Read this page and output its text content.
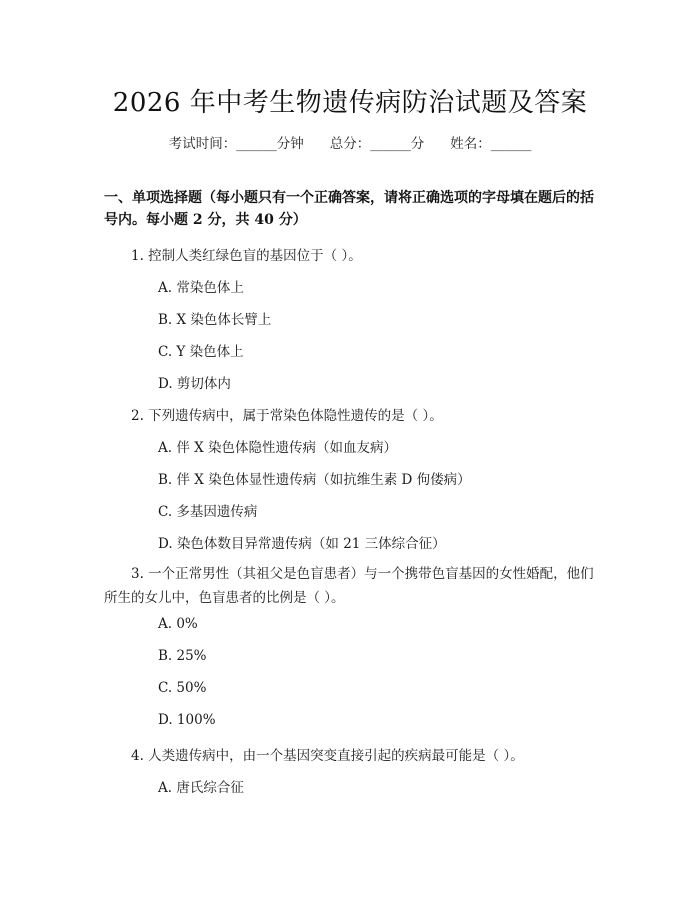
2026 年中考生物遗传病防治试题及答案
考试时间：______分钟 总分：______分 姓名：______
一、单项选择题（每小题只有一个正确答案，请将正确选项的字母填在题后的括号内。每小题 2 分，共 40 分）
1. 控制人类红绿色盲的基因位于（ ）。
A. 常染色体上
B. X 染色体长臂上
C. Y 染色体上
D. 剪切体内
2. 下列遗传病中，属于常染色体隐性遗传的是（ ）。
A. 伴 X 染色体隐性遗传病（如血友病）
B. 伴 X 染色体显性遗传病（如抗维生素 D 佝偻病）
C. 多基因遗传病
D. 染色体数目异常遗传病（如 21 三体综合征）
3. 一个正常男性（其祖父是色盲患者）与一个携带色盲基因的女性婚配，他们所生的女儿中，色盲患者的比例是（ ）。
A. 0%
B. 25%
C. 50%
D. 100%
4. 人类遗传病中，由一个基因突变直接引起的疾病最可能是（ ）。
A. 唐氏综合征
